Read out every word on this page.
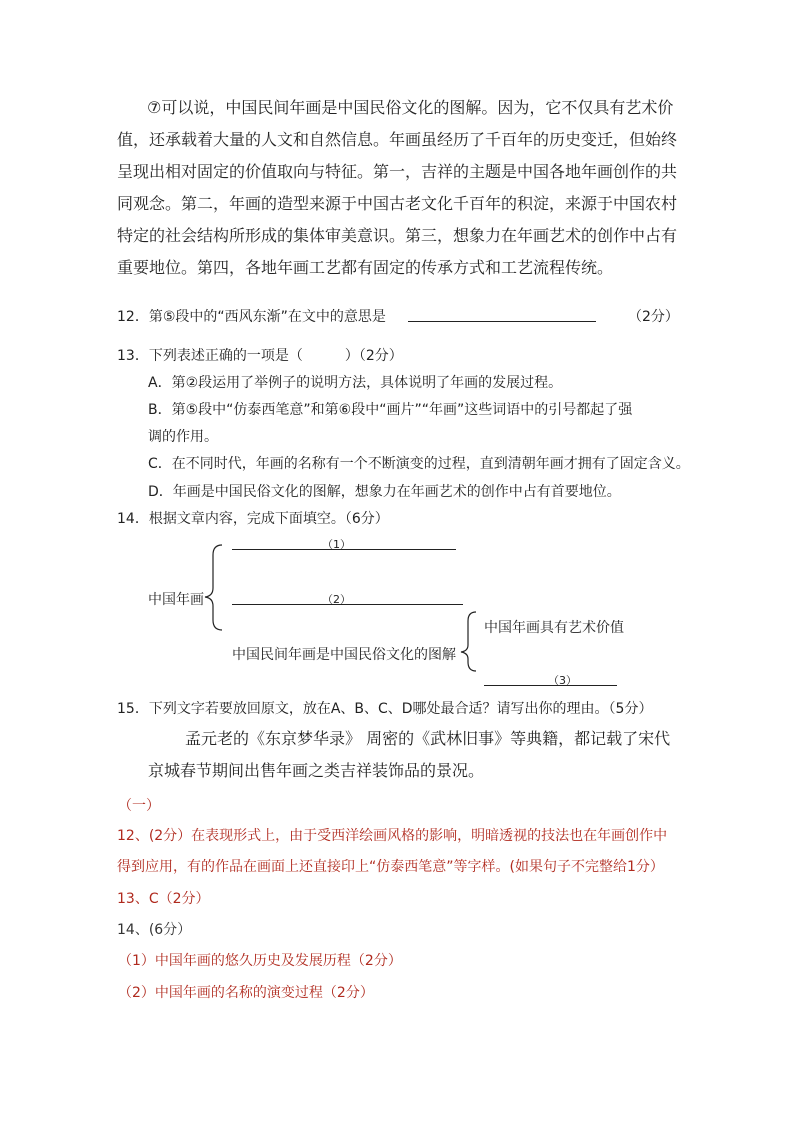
⑦可以说，中国民间年画是中国民俗文化的图解。因为，它不仅具有艺术价
值，还承载着大量的人文和自然信息。年画虽经历了千百年的历史变迁，但始终
呈现出相对固定的价值取向与特征。第一，吉祥的主题是中国各地年画创作的共
同观念。第二，年画的造型来源于中国古老文化千百年的积淀，来源于中国农村
特定的社会结构所形成的集体审美意识。第三，想象力在年画艺术的创作中占有
重要地位。第四，各地年画工艺都有固定的传承方式和工艺流程传统。
12．第⑤段中的“西风东渐”在文中的意思是	（2分）
13．下列表述正确的一项是（　　　）（2分）
A．第②段运用了举例子的说明方法，具体说明了年画的发展过程。
B．第⑤段中“仿泰西笔意”和第⑥段中“画片”“年画”这些词语中的引号都起了强
调的作用。
C．在不同时代，年画的名称有一个不断演变的过程，直到清朝年画才拥有了固定含义。
D．年画是中国民俗文化的图解，想象力在年画艺术的创作中占有首要地位。
14．根据文章内容，完成下面填空。（6分）
中国年画
（1）
（2）
中国民间年画是中国民俗文化的图解
中国年画具有艺术价值
（3）
15．下列文字若要放回原文，放在A、B、C、D哪处最合适？请写出你的理由。（5分）
孟元老的《东京梦华录》 周密的《武林旧事》等典籍，都记载了宋代
京城春节期间出售年画之类吉祥装饰品的景况。
（一）
12、(2分）在表现形式上，由于受西洋绘画风格的影响，明暗透视的技法也在年画创作中
得到应用，有的作品在画面上还直接印上“仿泰西笔意”等字样。(如果句子不完整给1分）
13、C（2分）
14、(6分）
（1）中国年画的悠久历史及发展历程（2分）
（2）中国年画的名称的演变过程（2分）
